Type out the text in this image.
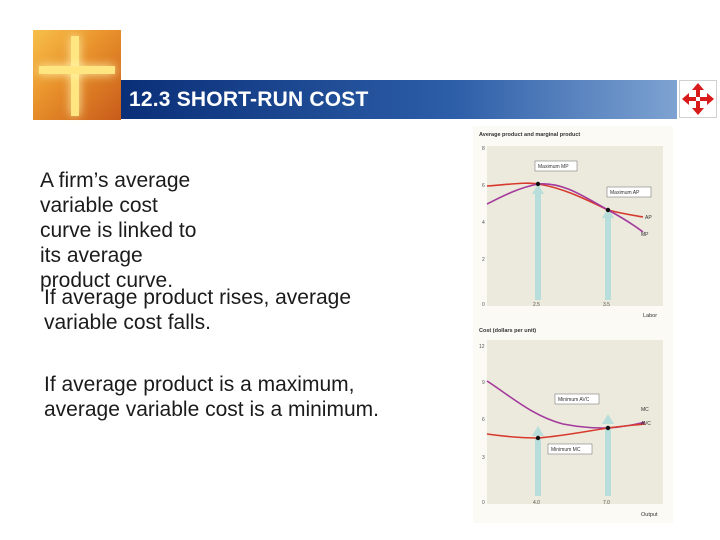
12.3 SHORT-RUN COST
A firm’s average variable cost curve is linked to its average product curve.
If average product rises, average variable cost falls.
If average product is a maximum, average variable cost is a minimum.
Average product and marginal product
Labor
8
6
4
2
0	2.5	3.5
Maximum MP
Maximum AP
AP
MP
Cost (dollars per unit)
Output
12
9
6
3
0	4.0	7.0
Minimum AVC
Minimum MC
MC
AVC
